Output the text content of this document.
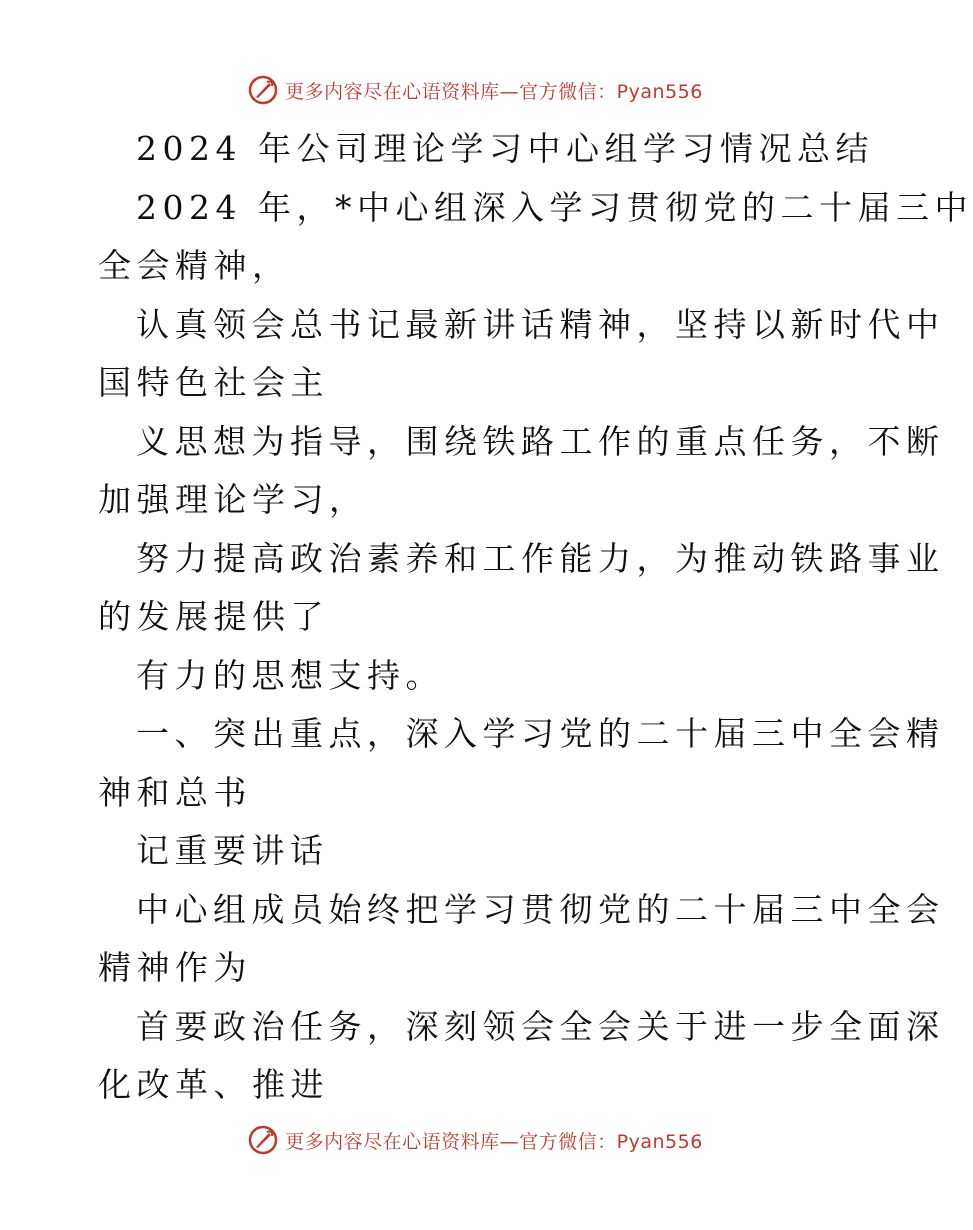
更多内容尽在心语资料库—官方微信：Pyan556
2024 年公司理论学习中心组学习情况总结
2024 年，*中心组深入学习贯彻党的二十届三中
全会精神，
认真领会总书记最新讲话精神，坚持以新时代中
国特色社会主
义思想为指导，围绕铁路工作的重点任务，不断
加强理论学习，
努力提高政治素养和工作能力，为推动铁路事业
的发展提供了
有力的思想支持。
一、突出重点，深入学习党的二十届三中全会精
神和总书
记重要讲话
中心组成员始终把学习贯彻党的二十届三中全会
精神作为
首要政治任务，深刻领会全会关于进一步全面深
化改革、推进
更多内容尽在心语资料库—官方微信：Pyan556
